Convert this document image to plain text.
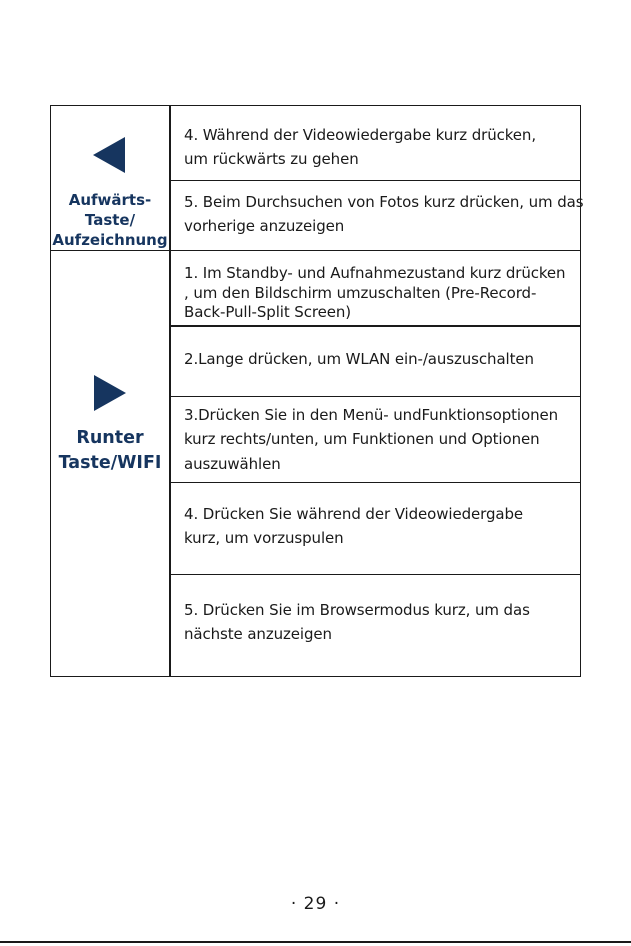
Aufwärts-
Taste/
Aufzeichnung
4. Während der Videowiedergabe kurz drücken,
um rückwärts zu gehen
5. Beim Durchsuchen von Fotos kurz drücken, um das
vorherige anzuzeigen
Runter
Taste/WIFI
1. Im Standby- und Aufnahmezustand kurz drücken
, um den Bildschirm umzuschalten (Pre-Record-
Back-Pull-Split Screen)
2.Lange drücken, um WLAN ein-/auszuschalten
3.Drücken Sie in den Menü- undFunktionsoptionen
kurz rechts/unten, um Funktionen und Optionen
auszuwählen
4. Drücken Sie während der Videowiedergabe
kurz, um vorzuspulen
5. Drücken Sie im Browsermodus kurz, um das
nächste anzuzeigen
· 29 ·
